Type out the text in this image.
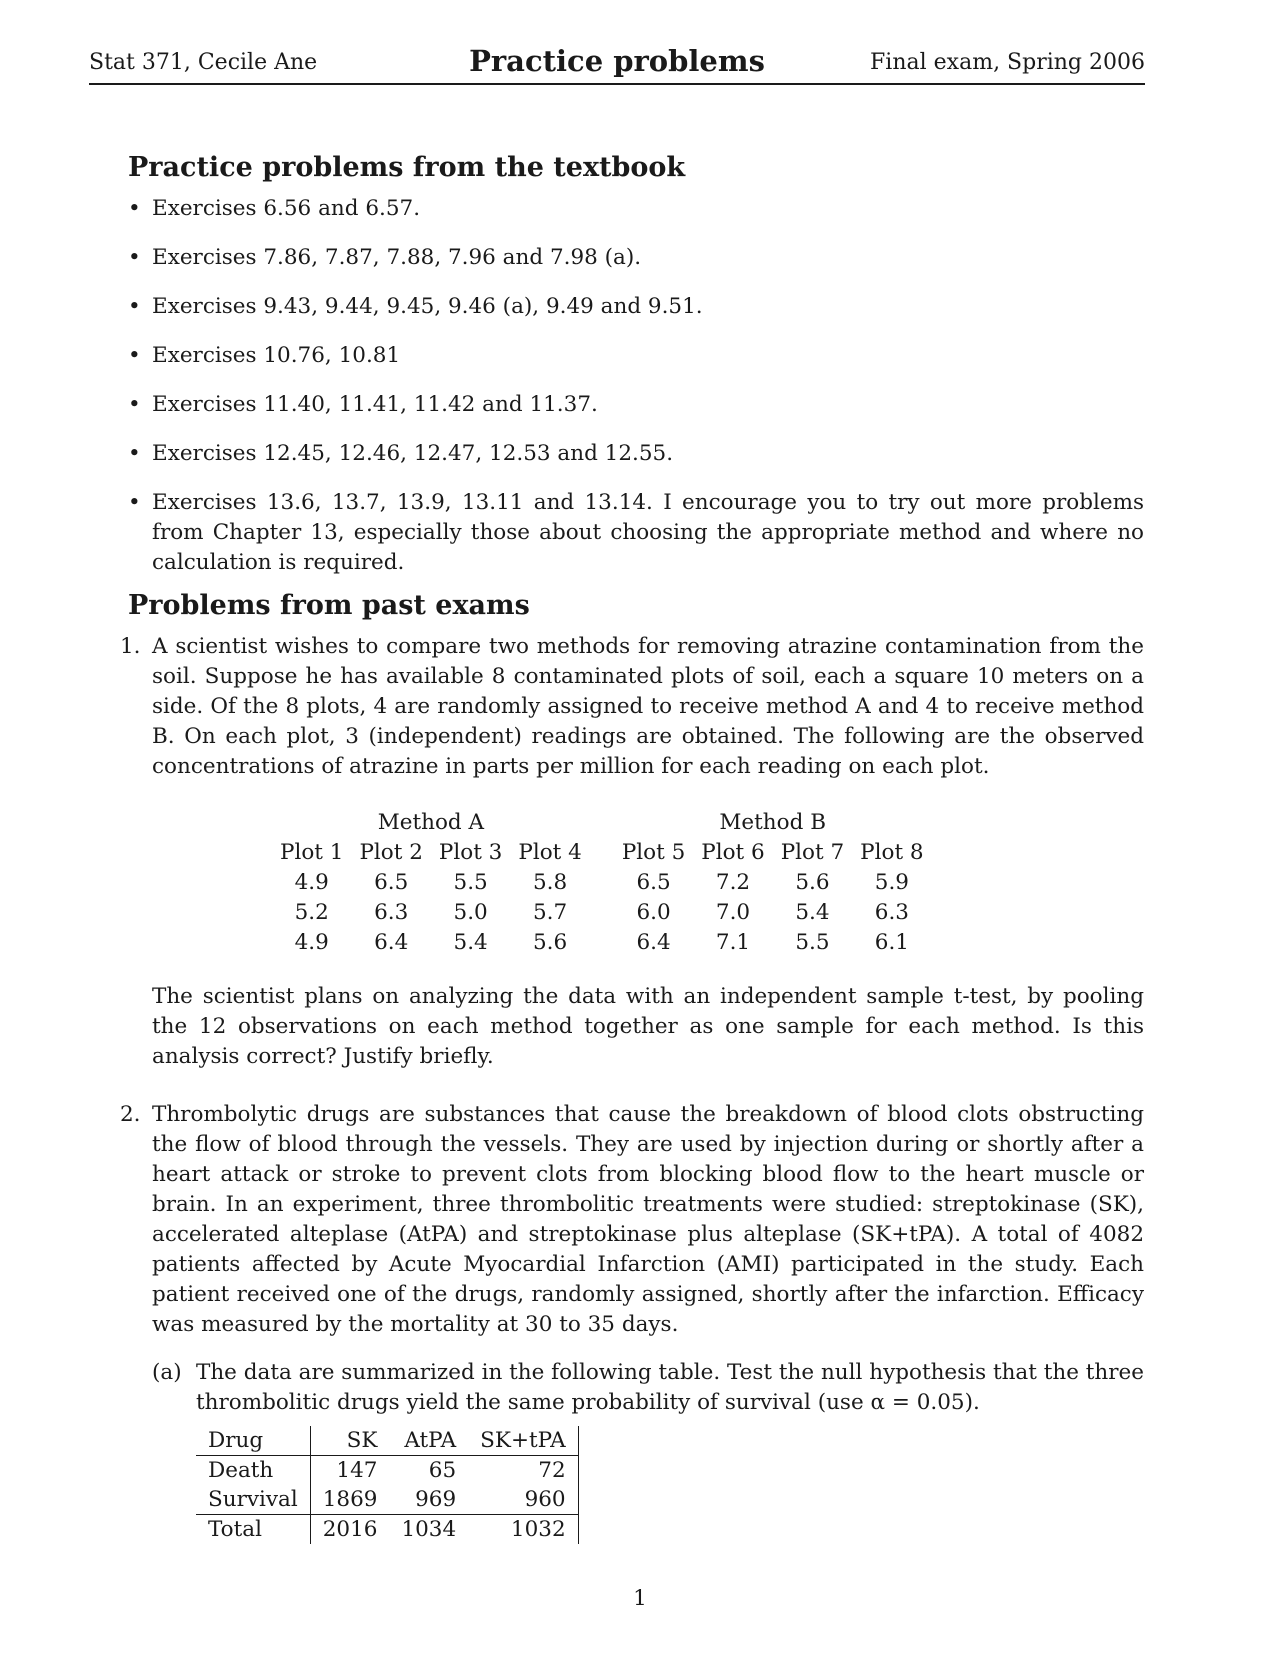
Stat 371, Cecile Ane	Practice problems	Final exam, Spring 2006
Practice problems from the textbook
• Exercises 6.56 and 6.57.
• Exercises 7.86, 7.87, 7.88, 7.96 and 7.98 (a).
• Exercises 9.43, 9.44, 9.45, 9.46 (a), 9.49 and 9.51.
• Exercises 10.76, 10.81
• Exercises 11.40, 11.41, 11.42 and 11.37.
• Exercises 12.45, 12.46, 12.47, 12.53 and 12.55.
• Exercises 13.6, 13.7, 13.9, 13.11 and 13.14. I encourage you to try out more problems from Chapter 13, especially those about choosing the appropriate method and where no calculation is required.
Problems from past exams
1. A scientist wishes to compare two methods for removing atrazine contamination from the soil. Suppose he has available 8 contaminated plots of soil, each a square 10 meters on a side. Of the 8 plots, 4 are randomly assigned to receive method A and 4 to receive method B. On each plot, 3 (independent) readings are obtained. The following are the observed concentrations of atrazine in parts per million for each reading on each plot.
Method A					Method B			
Plot 1	Plot 2	Plot 3	Plot 4		Plot 5	Plot 6	Plot 7	Plot 8
4.9	6.5	5.5	5.8		6.5	7.2	5.6	5.9
5.2	6.3	5.0	5.7		6.0	7.0	5.4	6.3
4.9	6.4	5.4	5.6		6.4	7.1	5.5	6.1
The scientist plans on analyzing the data with an independent sample t-test, by pooling the 12 observations on each method together as one sample for each method. Is this analysis correct? Justify briefly.
2. Thrombolytic drugs are substances that cause the breakdown of blood clots obstructing the flow of blood through the vessels. They are used by injection during or shortly after a heart attack or stroke to prevent clots from blocking blood flow to the heart muscle or brain. In an experiment, three thrombolitic treatments were studied: streptokinase (SK), accelerated alteplase (AtPA) and streptokinase plus alteplase (SK+tPA). A total of 4082 patients affected by Acute Myocardial Infarction (AMI) participated in the study. Each patient received one of the drugs, randomly assigned, shortly after the infarction. Efficacy was measured by the mortality at 30 to 35 days.
(a) The data are summarized in the following table. Test the null hypothesis that the three thrombolitic drugs yield the same probability of survival (use α = 0.05).
Drug	SK	AtPA	SK+tPA
Death	147	65	72
Survival	1869	969	960
Total	2016	1034	1032
1
